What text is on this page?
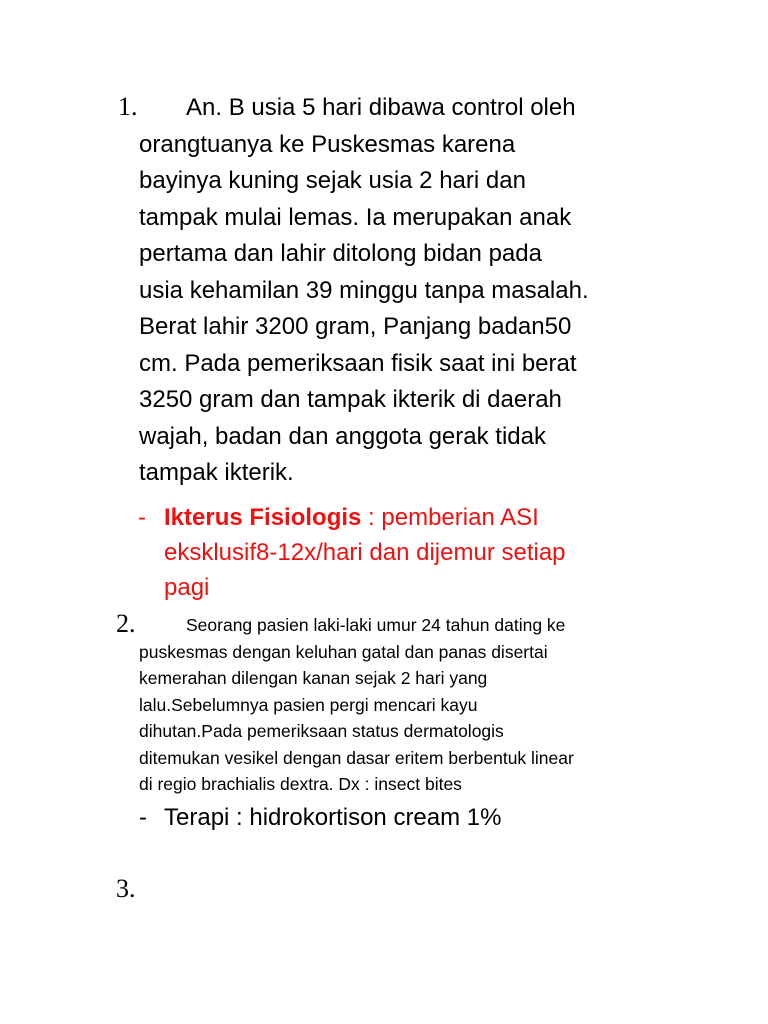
1.	An. B usia 5 hari dibawa control oleh
orangtuanya ke Puskesmas karena
bayinya kuning sejak usia 2 hari dan
tampak mulai lemas. Ia merupakan anak
pertama dan lahir ditolong bidan pada
usia kehamilan 39 minggu tanpa masalah.
Berat lahir 3200 gram, Panjang badan50
cm. Pada pemeriksaan fisik saat ini berat
3250 gram dan tampak ikterik di daerah
wajah, badan dan anggota gerak tidak
tampak ikterik.
- Ikterus Fisiologis : pemberian ASI
eksklusif8-12x/hari dan dijemur setiap
pagi
2.	Seorang pasien laki-laki umur 24 tahun dating ke
puskesmas dengan keluhan gatal dan panas disertai
kemerahan dilengan kanan sejak 2 hari yang
lalu.Sebelumnya pasien pergi mencari kayu
dihutan.Pada pemeriksaan status dermatologis
ditemukan vesikel dengan dasar eritem berbentuk linear
di regio brachialis dextra. Dx : insect bites
- Terapi : hidrokortison cream 1%
3.
